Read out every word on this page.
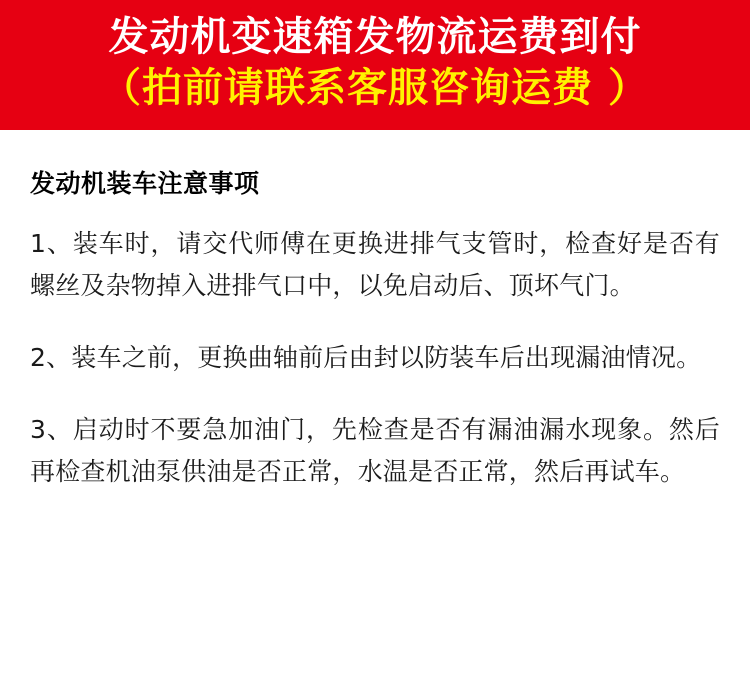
发动机变速箱发物流运费到付
（拍前请联系客服咨询运费 ）
发动机装车注意事项
1、装车时，请交代师傅在更换进排气支管时，检查好是否有螺丝及杂物掉入进排气口中，以免启动后、顶坏气门。
2、装车之前，更换曲轴前后由封以防装车后出现漏油情况。
3、启动时不要急加油门，先检查是否有漏油漏水现象。然后再检查机油泵供油是否正常，水温是否正常，然后再试车。
